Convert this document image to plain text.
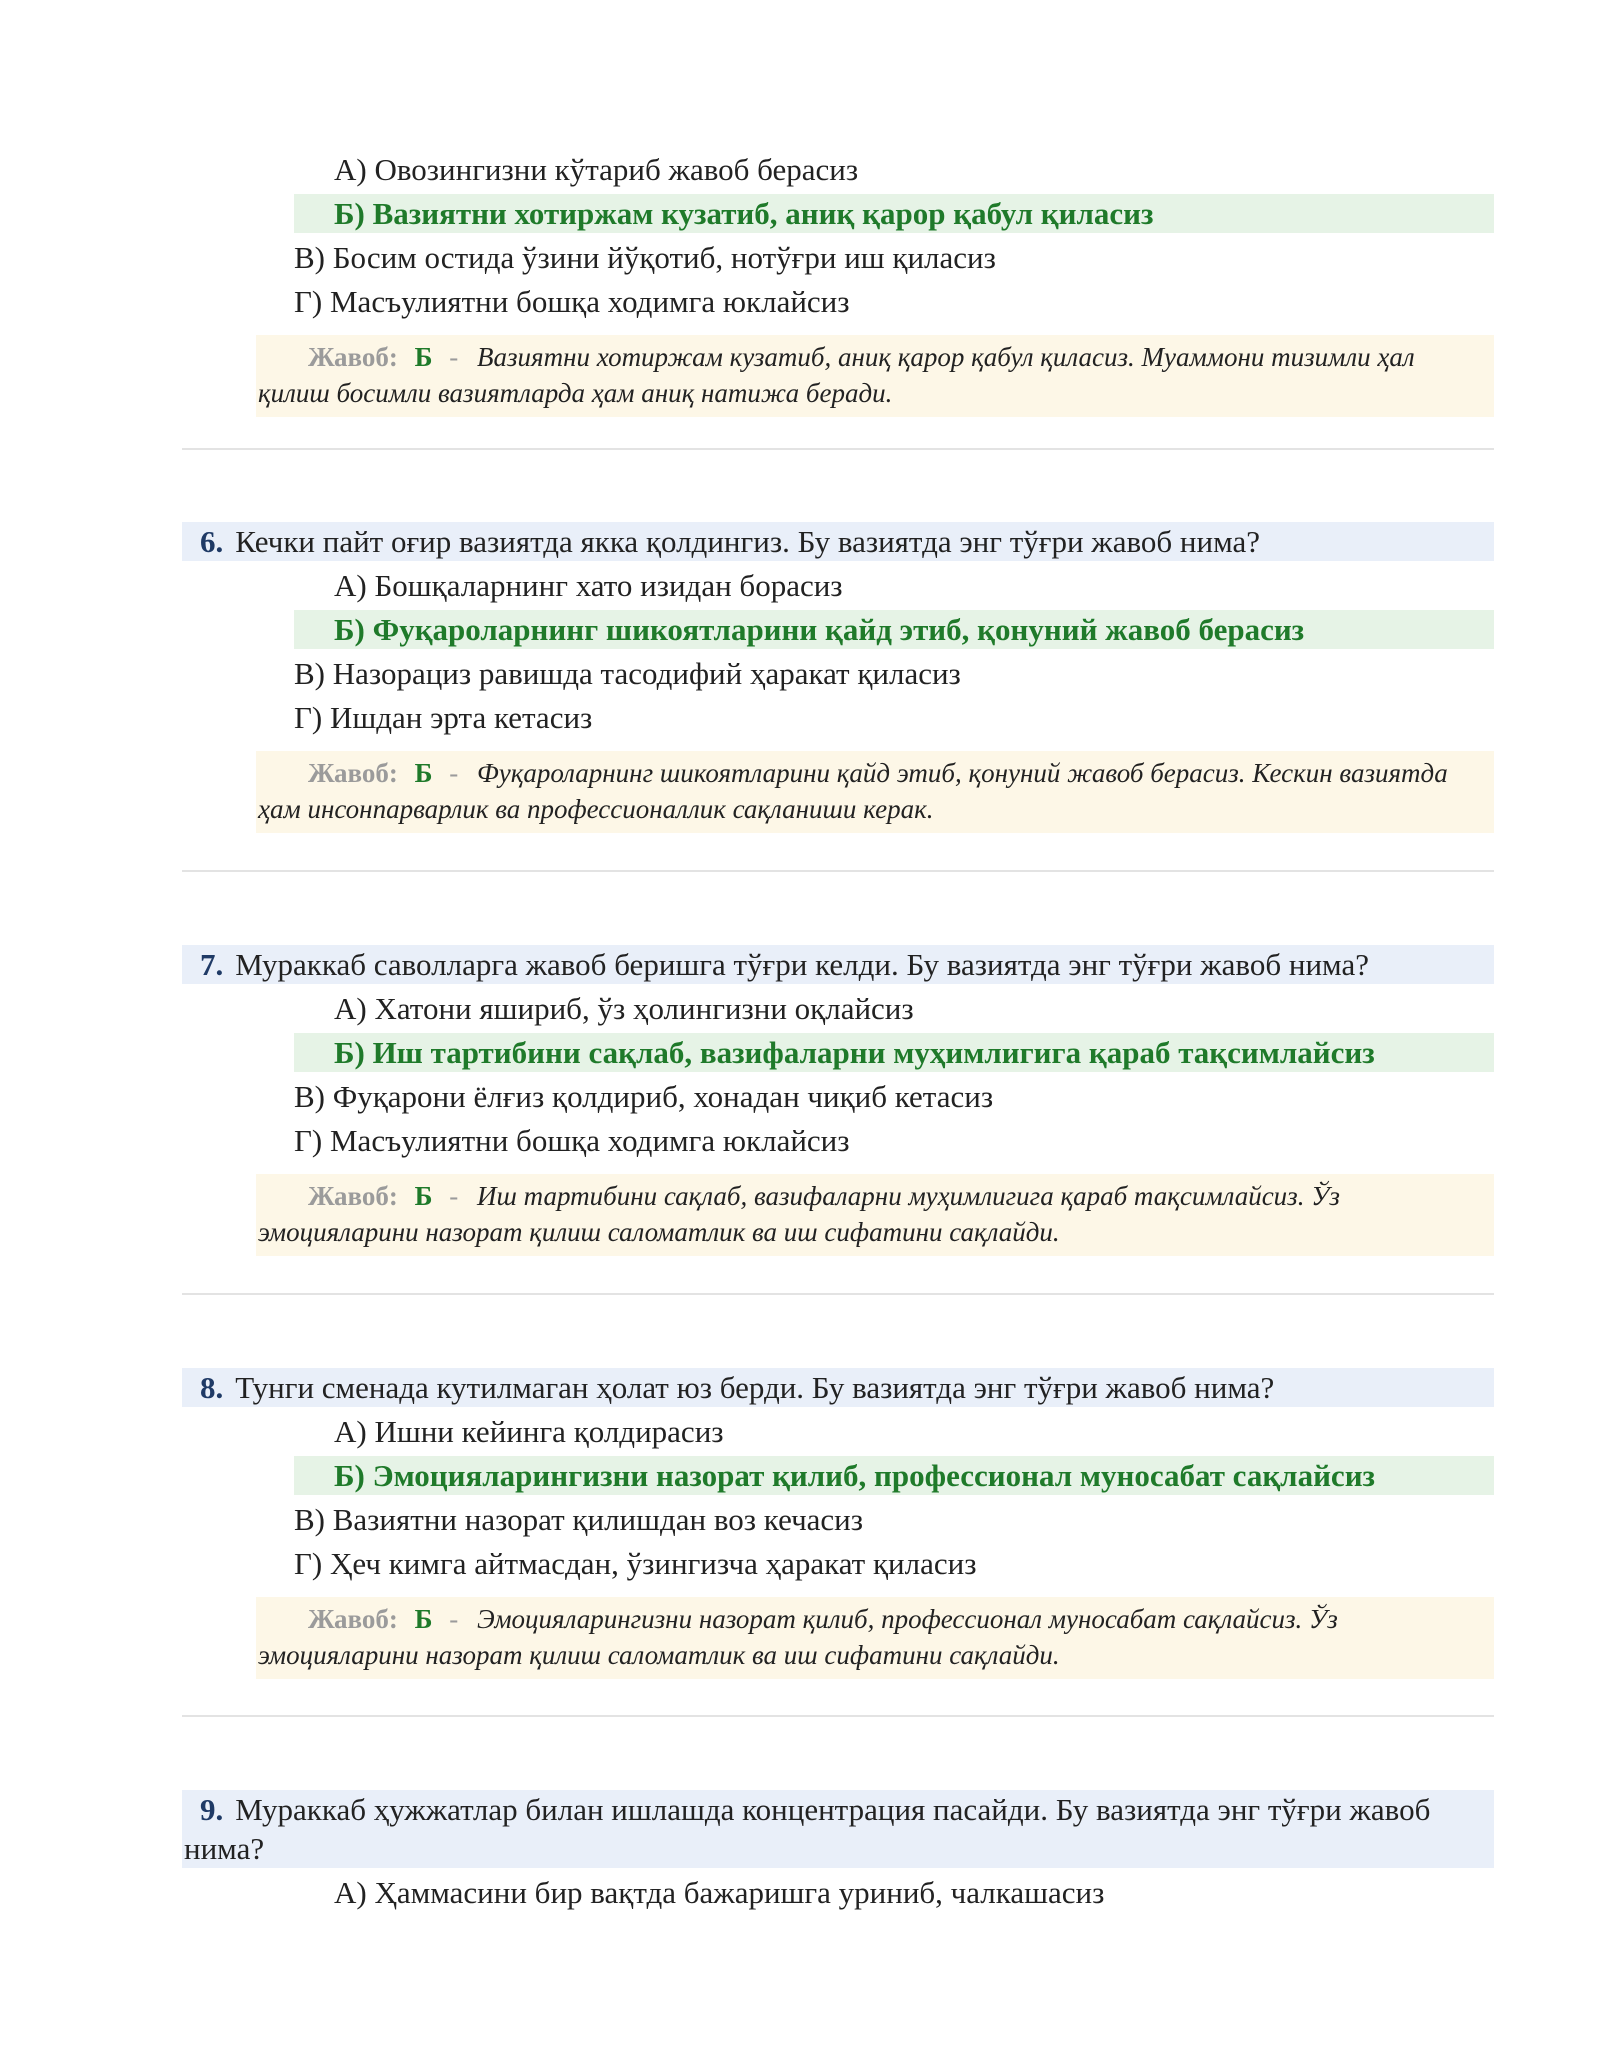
А) Овозингизни кўтариб жавоб берасиз
Б) Вазиятни хотиржам кузатиб, аниқ қарор қабул қиласиз
В) Босим остида ўзини йўқотиб, нотўғри иш қиласиз
Г) Масъулиятни бошқа ходимга юклайсиз
Жавоб: Б - Вазиятни хотиржам кузатиб, аниқ қарор қабул қиласиз. Муаммони тизимли ҳал қилиш босимли вазиятларда ҳам аниқ натижа беради.
6. Кечки пайт оғир вазиятда якка қолдингиз. Бу вазиятда энг тўғри жавоб нима?
А) Бошқаларнинг хато изидан борасиз
Б) Фуқароларнинг шикоятларини қайд этиб, қонуний жавоб берасиз
В) Назорациз равишда тасодифий ҳаракат қиласиз
Г) Ишдан эрта кетасиз
Жавоб: Б - Фуқароларнинг шикоятларини қайд этиб, қонуний жавоб берасиз. Кескин вазиятда ҳам инсонпарварлик ва профессионаллик сақланиши керак.
7. Мураккаб саволларга жавоб беришга тўғри келди. Бу вазиятда энг тўғри жавоб нима?
А) Хатони яшириб, ўз ҳолингизни оқлайсиз
Б) Иш тартибини сақлаб, вазифаларни муҳимлигига қараб тақсимлайсиз
В) Фуқарони ёлғиз қолдириб, хонадан чиқиб кетасиз
Г) Масъулиятни бошқа ходимга юклайсиз
Жавоб: Б - Иш тартибини сақлаб, вазифаларни муҳимлигига қараб тақсимлайсиз. Ўз эмоцияларини назорат қилиш саломатлик ва иш сифатини сақлайди.
8. Тунги сменада кутилмаган ҳолат юз берди. Бу вазиятда энг тўғри жавоб нима?
А) Ишни кейинга қолдирасиз
Б) Эмоцияларингизни назорат қилиб, профессионал муносабат сақлайсиз
В) Вазиятни назорат қилишдан воз кечасиз
Г) Ҳеч кимга айтмасдан, ўзингизча ҳаракат қиласиз
Жавоб: Б - Эмоцияларингизни назорат қилиб, профессионал муносабат сақлайсиз. Ўз эмоцияларини назорат қилиш саломатлик ва иш сифатини сақлайди.
9. Мураккаб ҳужжатлар билан ишлашда концентрация пасайди. Бу вазиятда энг тўғри жавоб нима?
А) Ҳаммасини бир вақтда бажаришга уриниб, чалкашасиз
